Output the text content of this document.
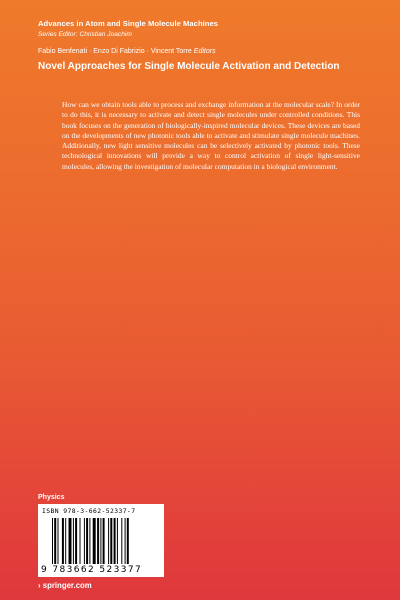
Advances in Atom and Single Molecule Machines
Series Editor: Christian Joachim
Fabio Benfenati · Enzo Di Fabrizio · Vincent Torre Editors
Novel Approaches for Single Molecule Activation and Detection

How can we obtain tools able to process and exchange information at the molecular scale? In order to do this, it is necessary to activate and detect single molecules under controlled conditions. This book focuses on the generation of biologically-inspired molecular devices. These devices are based on the developments of new photonic tools able to activate and stimulate single molecule machines. Additionally, new light sensitive molecules can be selectively activated by photonic tools. These technological innovations will provide a way to control activation of single light-sensitive molecules, allowing the investigation of molecular computation in a biological environment.

Physics
ISBN 978-3-662-52337-7
9 783662 523377
› springer.com
